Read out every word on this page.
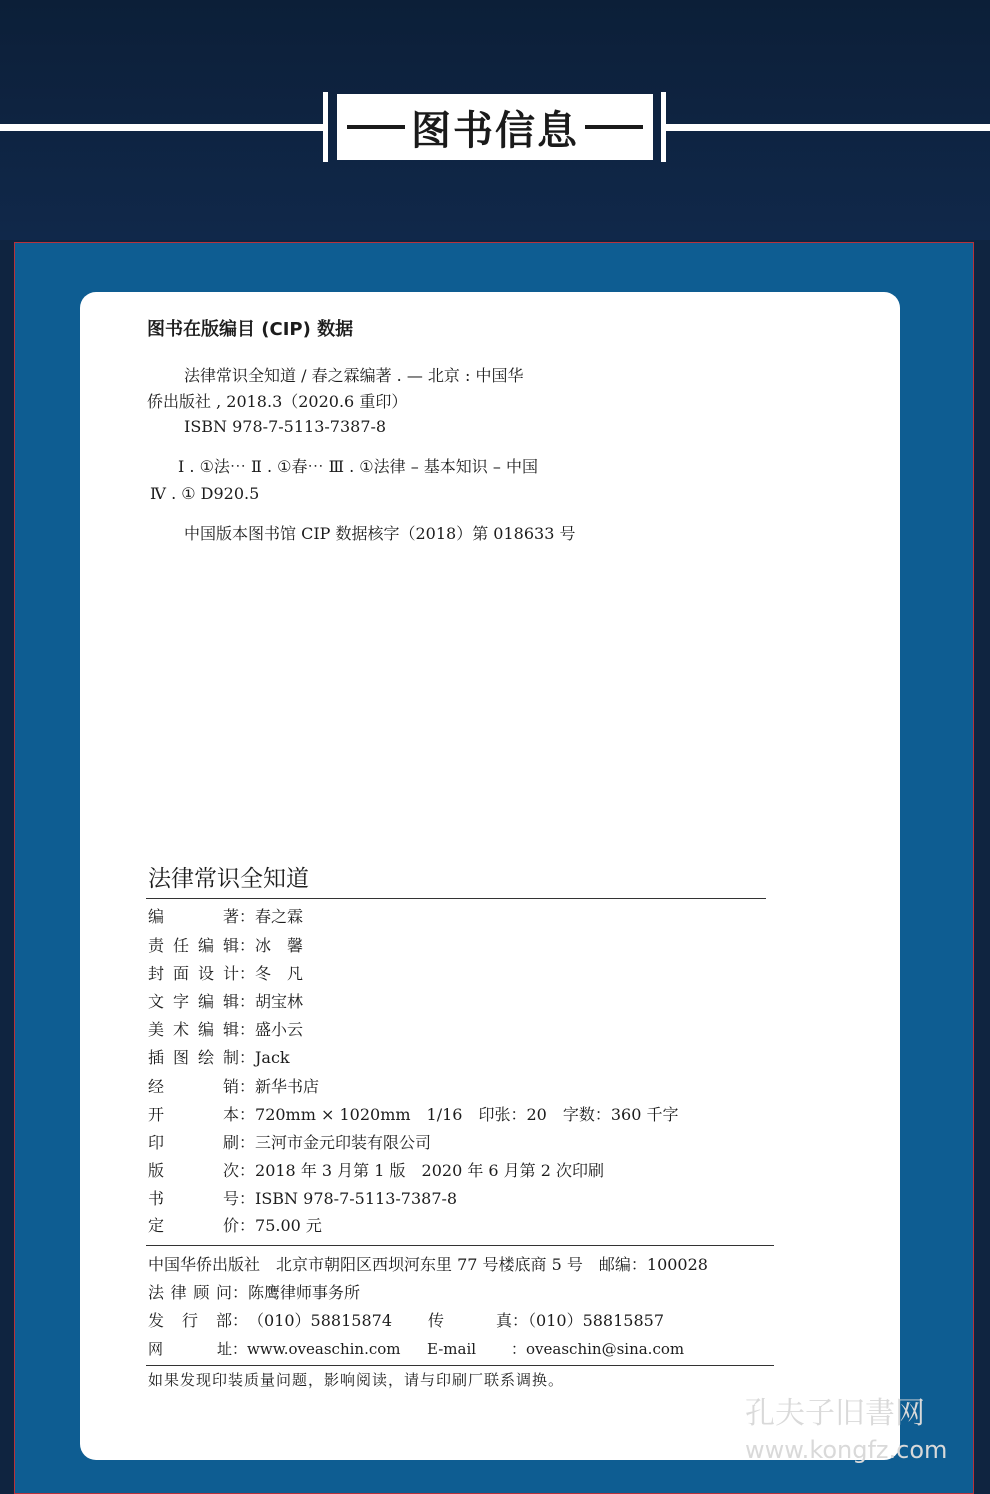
图书信息
图书在版编目 (CIP) 数据
法律常识全知道 / 春之霖编著 . — 北京 : 中国华
侨出版社 , 2018.3（2020.6 重印）
ISBN 978-7-5113-7387-8
Ⅰ . ①法⋯ Ⅱ . ①春⋯ Ⅲ . ①法律 – 基本知识 – 中国
Ⅳ . ① D920.5
中国版本图书馆 CIP 数据核字（2018）第 018633 号
法律常识全知道
编著：春之霖
责任编辑：冰　馨
封面设计：冬　凡
文字编辑：胡宝林
美术编辑：盛小云
插图绘制：Jack
经销：新华书店
开本：720mm × 1020mm　1/16　印张：20　字数：360 千字
印刷：三河市金元印装有限公司
版次：2018 年 3 月第 1 版　2020 年 6 月第 2 次印刷
书号：ISBN 978-7-5113-7387-8
定价：75.00 元
中国华侨出版社　北京市朝阳区西坝河东里 77 号楼底商 5 号　邮编：100028
法律顾问：陈鹰律师事务所
发行部：（010）58815874 传真：（010）58815857
网址：www.oveaschin.com E-mail ：oveaschin@sina.com
如果发现印装质量问题，影响阅读，请与印刷厂联系调换。
孔夫子旧書网
www.kongfz.com
